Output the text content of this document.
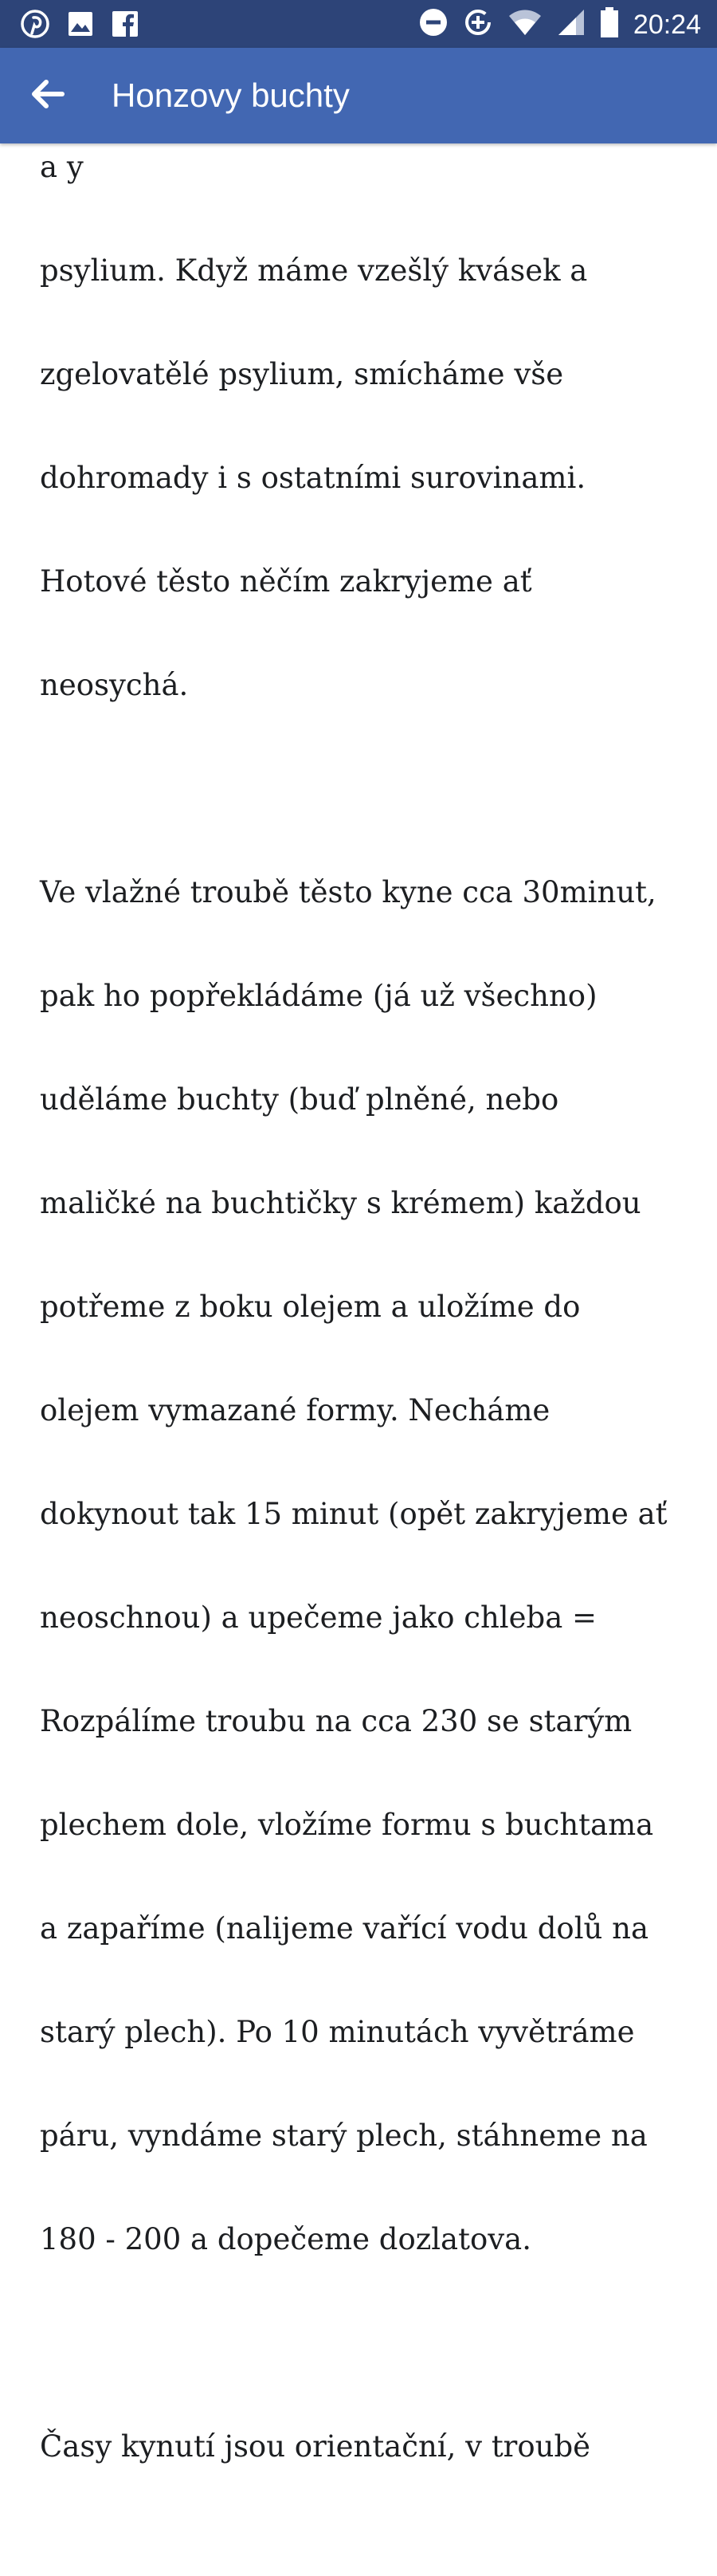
20:24
Honzovy buchty

a y

psylium. Když máme vzešlý kvásek a

zgelovatělé psylium, smícháme vše

dohromady i s ostatními surovinami.

Hotové těsto něčím zakryjeme ať

neosychá.

Ve vlažné troubě těsto kyne cca 30minut,

pak ho popřekládáme (já už všechno)

uděláme buchty (buď plněné, nebo

maličké na buchtičky s krémem) každou

potřeme z boku olejem a uložíme do

olejem vymazané formy. Necháme

dokynout tak 15 minut (opět zakryjeme ať

neoschnou) a upečeme jako chleba =

Rozpálíme troubu na cca 230 se starým

plechem dole, vložíme formu s buchtama

a zapaříme (nalijeme vařící vodu dolů na

starý plech). Po 10 minutách vyvětráme

páru, vyndáme starý plech, stáhneme na

180 - 200 a dopečeme dozlatova.

Časy kynutí jsou orientační, v troubě
